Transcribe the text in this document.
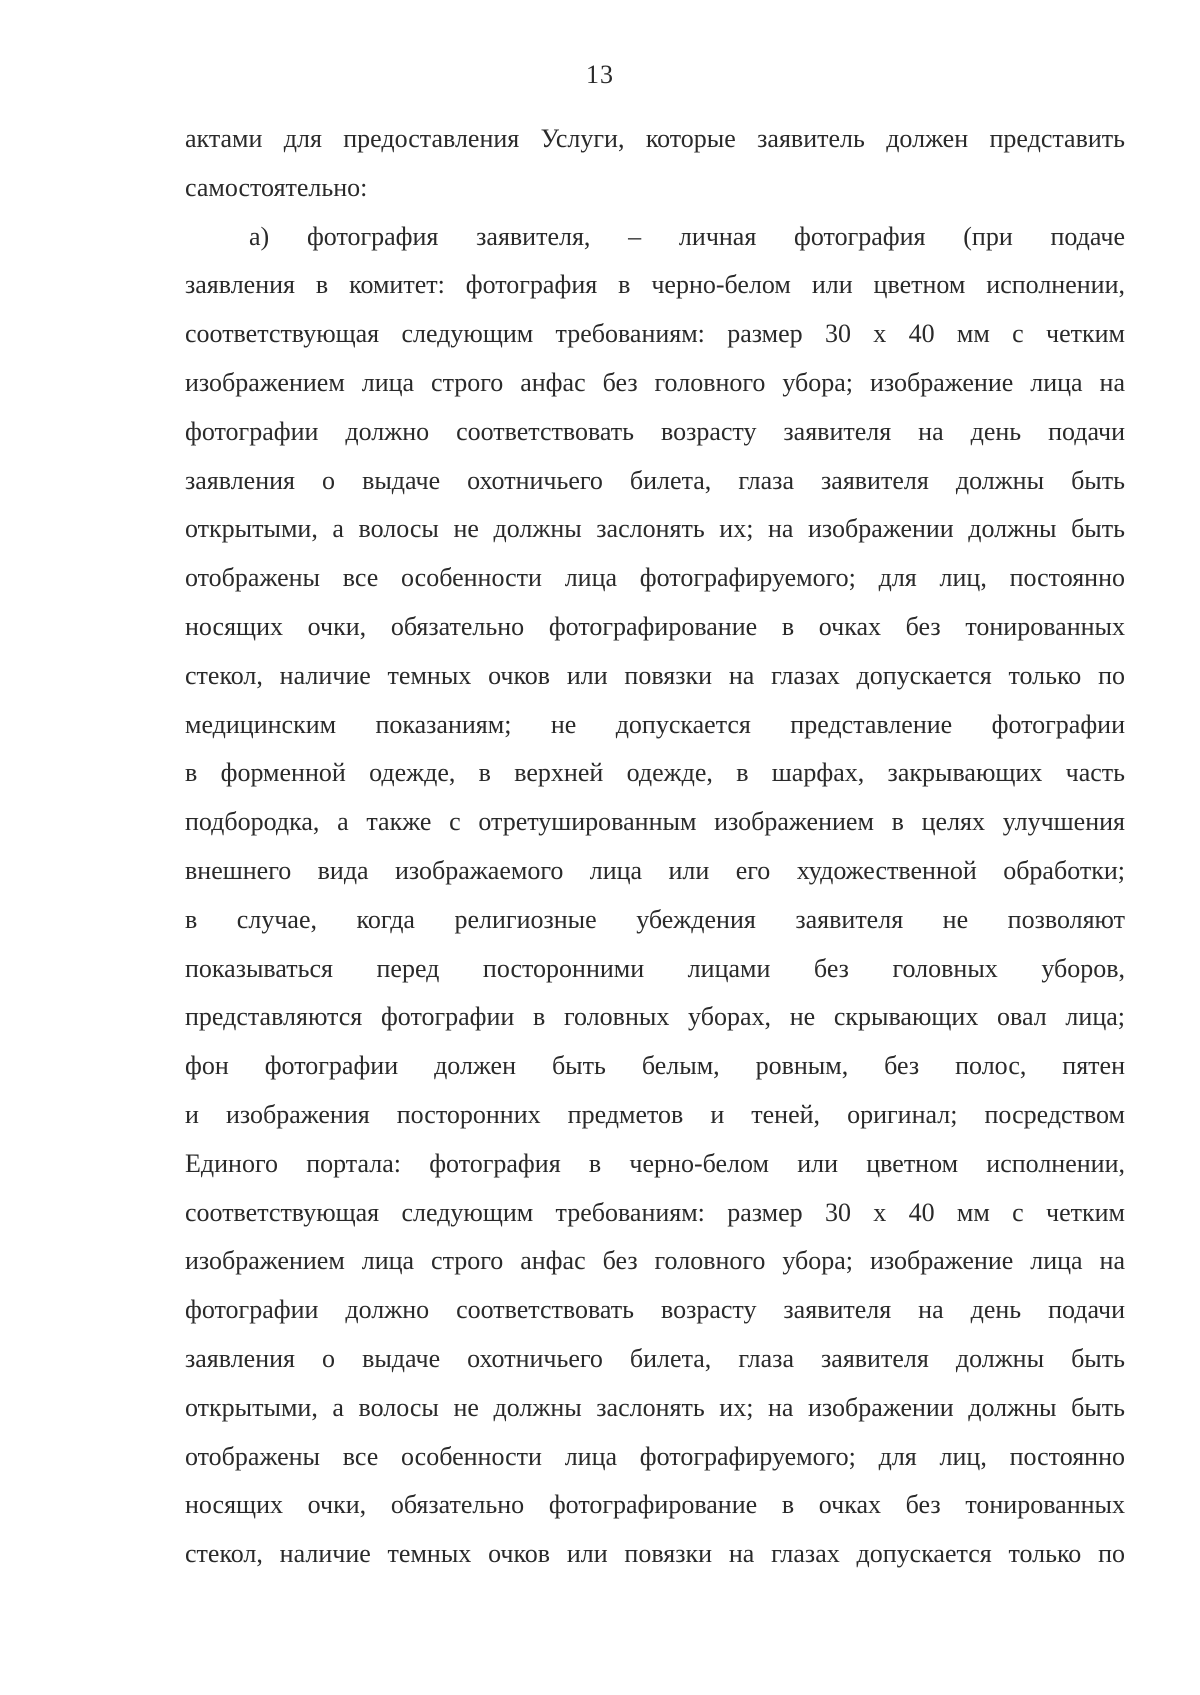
13
актами для предоставления Услуги, которые заявитель должен представить
самостоятельно:
а) фотография заявителя, – личная фотография (при подаче
заявления в комитет: фотография в черно-белом или цветном исполнении,
соответствующая следующим требованиям: размер 30 x 40 мм с четким
изображением лица строго анфас без головного убора; изображение лица на
фотографии должно соответствовать возрасту заявителя на день подачи
заявления о выдаче охотничьего билета, глаза заявителя должны быть
открытыми, а волосы не должны заслонять их; на изображении должны быть
отображены все особенности лица фотографируемого; для лиц, постоянно
носящих очки, обязательно фотографирование в очках без тонированных
стекол, наличие темных очков или повязки на глазах допускается только по
медицинским показаниям; не допускается представление фотографии
в форменной одежде, в верхней одежде, в шарфах, закрывающих часть
подбородка, а также с отретушированным изображением в целях улучшения
внешнего вида изображаемого лица или его художественной обработки;
в случае, когда религиозные убеждения заявителя не позволяют
показываться перед посторонними лицами без головных уборов,
представляются фотографии в головных уборах, не скрывающих овал лица;
фон фотографии должен быть белым, ровным, без полос, пятен
и изображения посторонних предметов и теней, оригинал; посредством
Единого портала: фотография в черно-белом или цветном исполнении,
соответствующая следующим требованиям: размер 30 x 40 мм с четким
изображением лица строго анфас без головного убора; изображение лица на
фотографии должно соответствовать возрасту заявителя на день подачи
заявления о выдаче охотничьего билета, глаза заявителя должны быть
открытыми, а волосы не должны заслонять их; на изображении должны быть
отображены все особенности лица фотографируемого; для лиц, постоянно
носящих очки, обязательно фотографирование в очках без тонированных
стекол, наличие темных очков или повязки на глазах допускается только по
